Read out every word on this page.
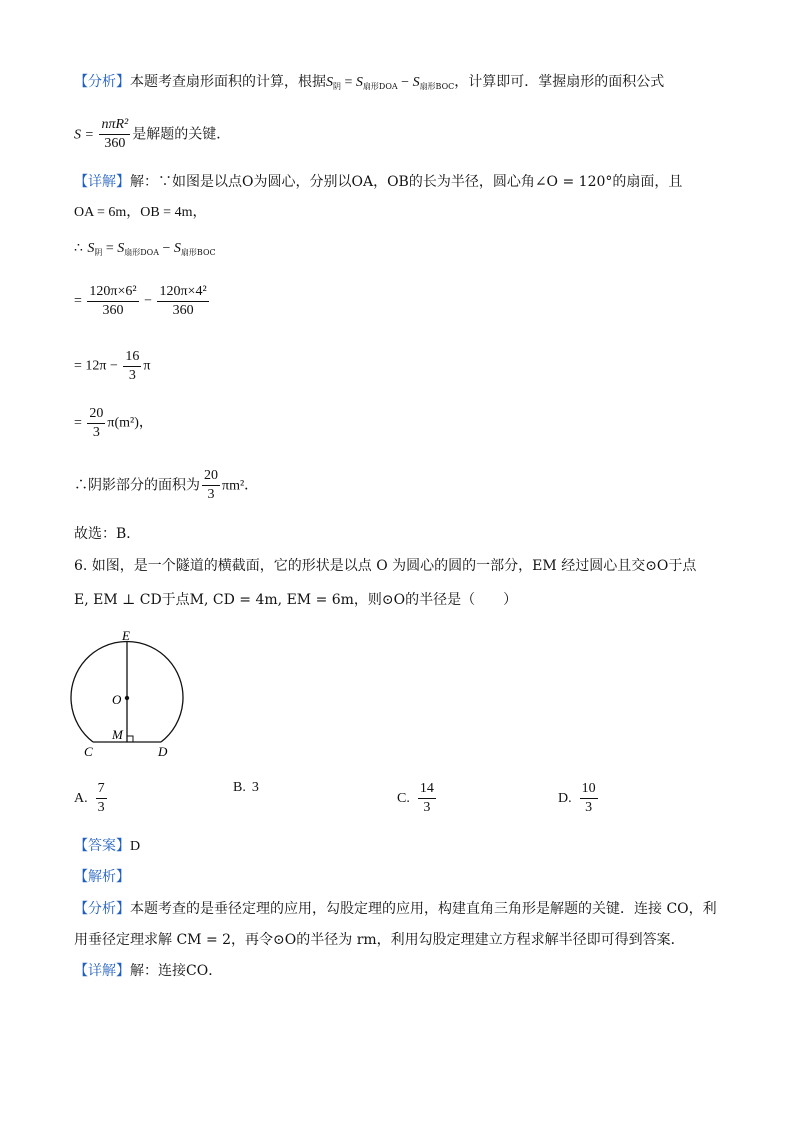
【分析】本题考查扇形面积的计算，根据$S_阴 = S_{扇形DOA} - S_{扇形BOC}$，计算即可．掌握扇形的面积公式
$S = \frac{\text{nπR²}}{360}$ 是解题的关键．
【详解】解：∵如图是以点O为圆心，分别以OA，OB的长为半径，圆心角∠O = 120°的扇面，且
OA = 6m，OB = 4m，
∴ $S_阴 = S_{扇形DOA} - S_{扇形BOC}$
= $\frac{\text{120π×6²}}{360} - \frac{\text{120π×4²}}{360}$
= $12\pi - \frac{16}{3}$ π
= $\frac{20}{3} \pi(m^2)$，
∴阴影部分的面积为 $\frac{20}{3} \pi m^2$．
故选：B．
6. 如图，是一个隧道的横截面，它的形状是以点 O 为圆心的圆的一部分，EM 经过圆心且交⊙O于点
E, EM ⊥ CD于点M, CD = 4m, EM = 6m，则⊙O的半径是（　　）
E
O
M
C	D
A. $\frac{7}{3}$	B. 3
C. $\frac{14}{3}$	D. $\frac{10}{3}$
【答案】D
【解析】
【分析】本题考查的是垂径定理的应用，勾股定理的应用，构建直角三角形是解题的关键．连接 CO，利
用垂径定理求解 CM = 2，再令⊙O的半径为 rm，利用勾股定理建立方程求解半径即可得到答案．
【详解】解：连接CO．
